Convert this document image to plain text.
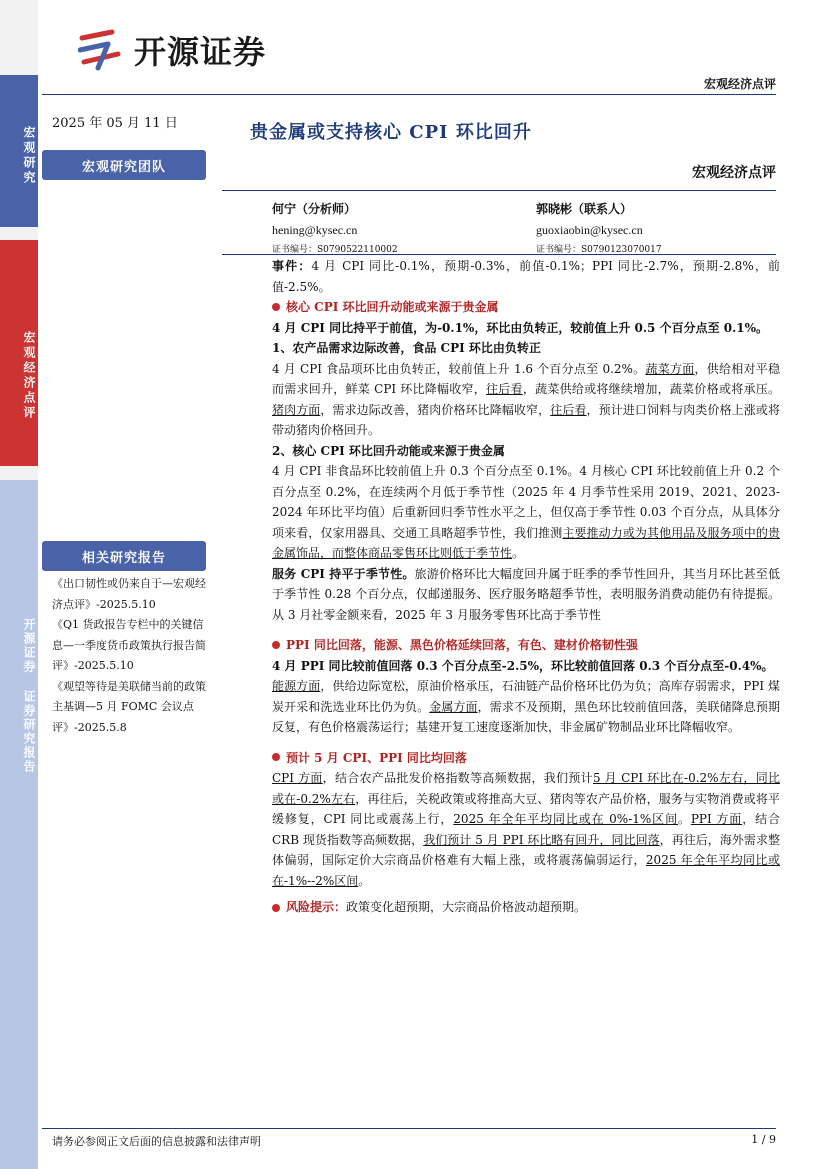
宏观研究
宏观经济点评
开源证券 证券研究报告
开源证券
宏观经济点评
2025 年 05 月 11 日
宏观研究团队
贵金属或支持核心 CPI 环比回升
宏观经济点评
何宁（分析师）
hening@kysec.cn
证书编号：S0790522110002
郭晓彬（联系人）
guoxiaobin@kysec.cn
证书编号：S0790123070017

事件：4 月 CPI 同比-0.1%，预期-0.3%，前值-0.1%；PPI 同比-2.7%，预期-2.8%，前值-2.5%。

核心 CPI 环比回升动能或来源于贵金属

4 月 CPI 同比持平于前值，为-0.1%，环比由负转正，较前值上升 0.5 个百分点至 0.1%。

1、农产品需求边际改善，食品 CPI 环比由负转正

4 月 CPI 食品项环比由负转正，较前值上升 1.6 个百分点至 0.2%。蔬菜方面，供给相对平稳而需求回升，鲜菜 CPI 环比降幅收窄，往后看，蔬菜供给或将继续增加，蔬菜价格或将承压。猪肉方面，需求边际改善，猪肉价格环比降幅收窄，往后看，预计进口饲料与肉类价格上涨或将带动猪肉价格回升。

2、核心 CPI 环比回升动能或来源于贵金属

4 月 CPI 非食品环比较前值上升 0.3 个百分点至 0.1%。4 月核心 CPI 环比较前值上升 0.2 个百分点至 0.2%，在连续两个月低于季节性（2025 年 4 月季节性采用 2019、2021、2023-2024 年环比平均值）后重新回归季节性水平之上，但仅高于季节性 0.03 个百分点，从具体分项来看，仅家用器具、交通工具略超季节性，我们推测主要推动力或为其他用品及服务项中的贵金属饰品，而整体商品零售环比则低于季节性。

服务 CPI 持平于季节性。旅游价格环比大幅度回升属于旺季的季节性回升，其当月环比甚至低于季节性 0.28 个百分点，仅邮递服务、医疗服务略超季节性，表明服务消费动能仍有待提振。从 3 月社零金额来看，2025 年 3 月服务零售环比高于季节性

PPI 同比回落，能源、黑色价格延续回落，有色、建材价格韧性强

4 月 PPI 同比较前值回落 0.3 个百分点至-2.5%，环比较前值回落 0.3 个百分点至-0.4%。

能源方面，供给边际宽松，原油价格承压，石油链产品价格环比仍为负；高库存弱需求，PPI 煤炭开采和洗选业环比仍为负。金属方面，需求不及预期，黑色环比较前值回落，美联储降息预期反复，有色价格震荡运行；基建开复工速度逐渐加快，非金属矿物制品业环比降幅收窄。

预计 5 月 CPI、PPI 同比均回落

CPI 方面，结合农产品批发价格指数等高频数据，我们预计5 月 CPI 环比在-0.2%左右，同比或在-0.2%左右，再往后，关税政策或将推高大豆、猪肉等农产品价格，服务与实物消费或将平缓修复，CPI 同比或震荡上行，2025 年全年平均同比或在 0%-1%区间。PPI 方面，结合 CRB 现货指数等高频数据，我们预计 5 月 PPI 环比略有回升，同比回落，再往后，海外需求整体偏弱，国际定价大宗商品价格难有大幅上涨，或将震荡偏弱运行，2025 年全年平均同比或在-1%--2%区间。

风险提示：政策变化超预期，大宗商品价格波动超预期。

相关研究报告
《出口韧性或仍来自于—宏观经济点评》-2025.5.10
《Q1 货政报告专栏中的关键信息—一季度货币政策执行报告简评》-2025.5.10
《观望等待是美联储当前的政策主基调—5 月 FOMC 会议点评》-2025.5.8
请务必参阅正文后面的信息披露和法律声明	1 / 9
